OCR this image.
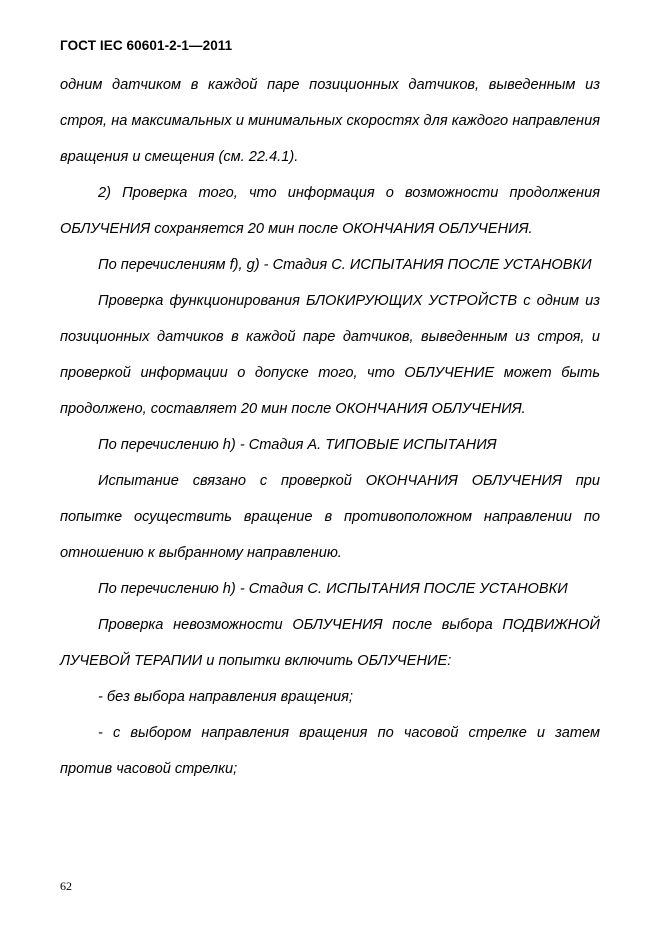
ГОСТ IEC 60601-2-1—2011

одним датчиком в каждой паре позиционных датчиков, выведенным из строя, на максимальных и минимальных скоростях для каждого направления вращения и смещения (см. 22.4.1).

2) Проверка того, что информация о возможности продолжения ОБЛУЧЕНИЯ сохраняется 20 мин после ОКОНЧАНИЯ ОБЛУЧЕНИЯ.

По перечислениям f), g) - Стадия С. ИСПЫТАНИЯ ПОСЛЕ УСТАНОВКИ

Проверка функционирования БЛОКИРУЮЩИХ УСТРОЙСТВ с одним из позиционных датчиков в каждой паре датчиков, выведенным из строя, и проверкой информации о допуске того, что ОБЛУЧЕНИЕ может быть продолжено, составляет 20 мин после ОКОНЧАНИЯ ОБЛУЧЕНИЯ.

По перечислению h) - Стадия А. ТИПОВЫЕ ИСПЫТАНИЯ

Испытание связано с проверкой ОКОНЧАНИЯ ОБЛУЧЕНИЯ при попытке осуществить вращение в противоположном направлении по отношению к выбранному направлению.

По перечислению h) - Стадия С. ИСПЫТАНИЯ ПОСЛЕ УСТАНОВКИ

Проверка невозможности ОБЛУЧЕНИЯ после выбора ПОДВИЖНОЙ ЛУЧЕВОЙ ТЕРАПИИ и попытки включить ОБЛУЧЕНИЕ:

- без выбора направления вращения;

- с выбором направления вращения по часовой стрелке и затем против часовой стрелки;

62
